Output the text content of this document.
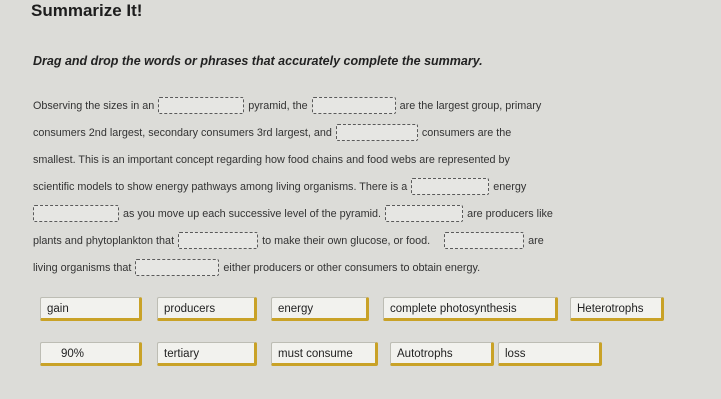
Summarize It!
Drag and drop the words or phrases that accurately complete the summary.
Observing the sizes in an	pyramid, the	are the largest group, primary
consumers 2nd largest, secondary consumers 3rd largest, and	consumers are the
smallest. This is an important concept regarding how food chains and food webs are represented by
scientific models to show energy pathways among living organisms. There is a	energy
as you move up each successive level of the pyramid.	are producers like
plants and phytoplankton that	to make their own glucose, or food.	are
living organisms that	either producers or other consumers to obtain energy.
gain	producers	energy	complete photosynthesis	Heterotrophs
90%	tertiary	must consume	Autotrophs	loss
